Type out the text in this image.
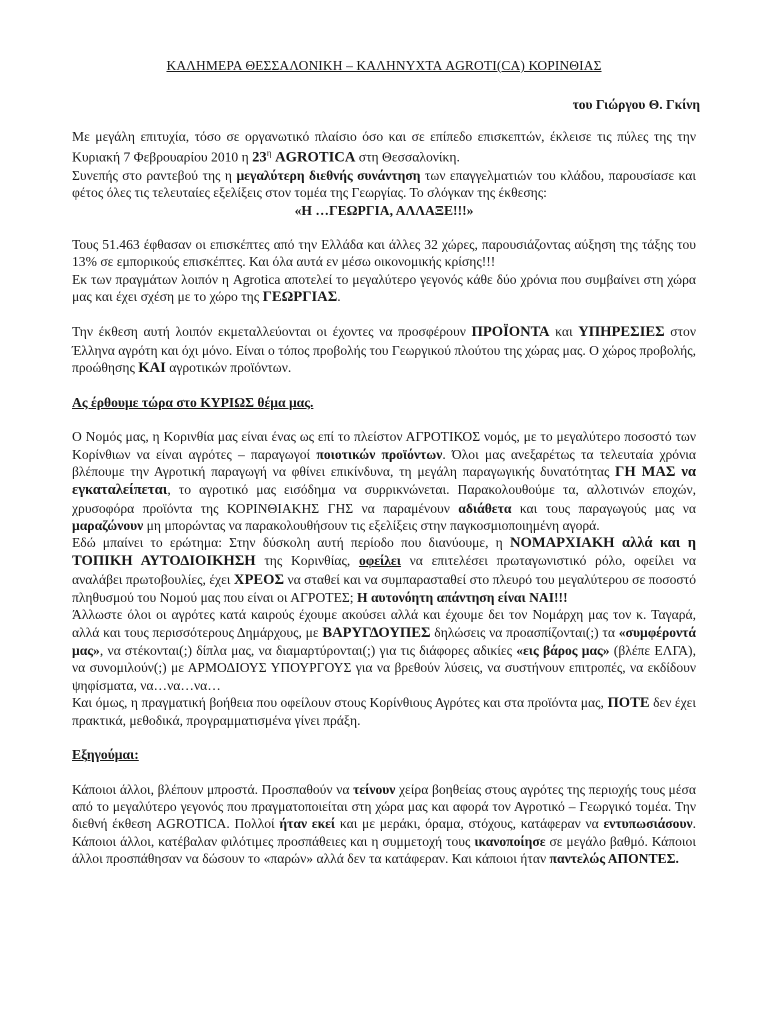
ΚΑΛΗΜΕΡΑ ΘΕΣΣΑΛΟΝΙΚΗ – ΚΑΛΗΝΥΧΤΑ AGROTI(CA) ΚΟΡΙΝΘΙΑΣ
του Γιώργου Θ. Γκίνη

Με μεγάλη επιτυχία, τόσο σε οργανωτικό πλαίσιο όσο και σε επίπεδο επισκεπτών, έκλεισε τις πύλες της την Κυριακή 7 Φεβρουαρίου 2010 η $23^\eta$ AGROTICA στη Θεσσαλονίκη.

Συνεπής στο ραντεβού της η μεγαλύτερη διεθνής συνάντηση των επαγγελματιών του κλάδου, παρουσίασε και φέτος όλες τις τελευταίες εξελίξεις στον τομέα της Γεωργίας. Το σλόγκαν της έκθεσης:

«Η …ΓΕΩΡΓΙΑ, ΑΛΛΑΞΕ!!!»

Τους 51.463 έφθασαν οι επισκέπτες από την Ελλάδα και άλλες 32 χώρες, παρουσιάζοντας αύξηση της τάξης του 13% σε εμπορικούς επισκέπτες. Και όλα αυτά εν μέσω οικονομικής κρίσης!!!

Εκ των πραγμάτων λοιπόν η Agrotica αποτελεί το μεγαλύτερο γεγονός κάθε δύο χρόνια που συμβαίνει στη χώρα μας και έχει σχέση με το χώρο της ΓΕΩΡΓΙΑΣ.

Την έκθεση αυτή λοιπόν εκμεταλλεύονται οι έχοντες να προσφέρουν ΠΡΟΪΟΝΤΑ και ΥΠΗΡΕΣΙΕΣ στον Έλληνα αγρότη και όχι μόνο. Είναι ο τόπος προβολής του Γεωργικού πλούτου της χώρας μας. Ο χώρος προβολής, προώθησης ΚΑΙ αγροτικών προϊόντων.

Ας έρθουμε τώρα στο ΚΥΡΙΩΣ θέμα μας.

Ο Νομός μας, η Κορινθία μας είναι ένας ως επί το πλείστον ΑΓΡΟΤΙΚΟΣ νομός, με το μεγαλύτερο ποσοστό των Κορίνθιων να είναι αγρότες – παραγωγοί ποιοτικών προϊόντων. Όλοι μας ανεξαρέτως τα τελευταία χρόνια βλέπουμε την Αγροτική παραγωγή να φθίνει επικίνδυνα, τη μεγάλη παραγωγικής δυνατότητας ΓΗ ΜΑΣ να εγκαταλείπεται, το αγροτικό μας εισόδημα να συρρικνώνεται. Παρακολουθούμε τα, αλλοτινών εποχών, χρυσοφόρα προϊόντα της ΚΟΡΙΝΘΙΑΚΗΣ ΓΗΣ να παραμένουν αδιάθετα και τους παραγωγούς μας να μαραζώνουν μη μπορώντας να παρακολουθήσουν τις εξελίξεις στην παγκοσμιοποιημένη αγορά.

Εδώ μπαίνει το ερώτημα: Στην δύσκολη αυτή περίοδο που διανύουμε, η ΝΟΜΑΡΧΙΑΚΗ αλλά και η ΤΟΠΙΚΗ ΑΥΤΟΔΙΟΙΚΗΣΗ της Κορινθίας, οφείλει να επιτελέσει πρωταγωνιστικό ρόλο, οφείλει να αναλάβει πρωτοβουλίες, έχει ΧΡΕΟΣ να σταθεί και να συμπαρασταθεί στο πλευρό του μεγαλύτερου σε ποσοστό πληθυσμού του Νομού μας που είναι οι ΑΓΡΟΤΕΣ; Η αυτονόητη απάντηση είναι ΝΑΙ!!!

Άλλωστε όλοι οι αγρότες κατά καιρούς έχουμε ακούσει αλλά και έχουμε δει τον Νομάρχη μας τον κ. Ταγαρά, αλλά και τους περισσότερους Δημάρχους, με ΒΑΡΥΓΔΟΥΠΕΣ δηλώσεις να προασπίζονται(;) τα «συμφέροντά μας», να στέκονται(;) δίπλα μας, να διαμαρτύρονται(;) για τις διάφορες αδικίες «εις βάρος μας» (βλέπε ΕΛΓΑ), να συνομιλούν(;) με ΑΡΜΟΔΙΟΥΣ ΥΠΟΥΡΓΟΥΣ για να βρεθούν λύσεις, να συστήνουν επιτροπές, να εκδίδουν ψηφίσματα, να…να…να…

Και όμως, η πραγματική βοήθεια που οφείλουν στους Κορίνθιους Αγρότες και στα προϊόντα μας, ΠΟΤΕ δεν έχει πρακτικά, μεθοδικά, προγραμματισμένα γίνει πράξη.

Εξηγούμαι:

Κάποιοι άλλοι, βλέπουν μπροστά. Προσπαθούν να τείνουν χείρα βοηθείας στους αγρότες της περιοχής τους μέσα από το μεγαλύτερο γεγονός που πραγματοποιείται στη χώρα μας και αφορά τον Αγροτικό – Γεωργικό τομέα. Την διεθνή έκθεση AGROTICA. Πολλοί ήταν εκεί και με μεράκι, όραμα, στόχους, κατάφεραν να εντυπωσιάσουν. Κάποιοι άλλοι, κατέβαλαν φιλότιμες προσπάθειες και η συμμετοχή τους ικανοποίησε σε μεγάλο βαθμό. Κάποιοι άλλοι προσπάθησαν να δώσουν το «παρών» αλλά δεν τα κατάφεραν. Και κάποιοι ήταν παντελώς ΑΠΟΝΤΕΣ.
